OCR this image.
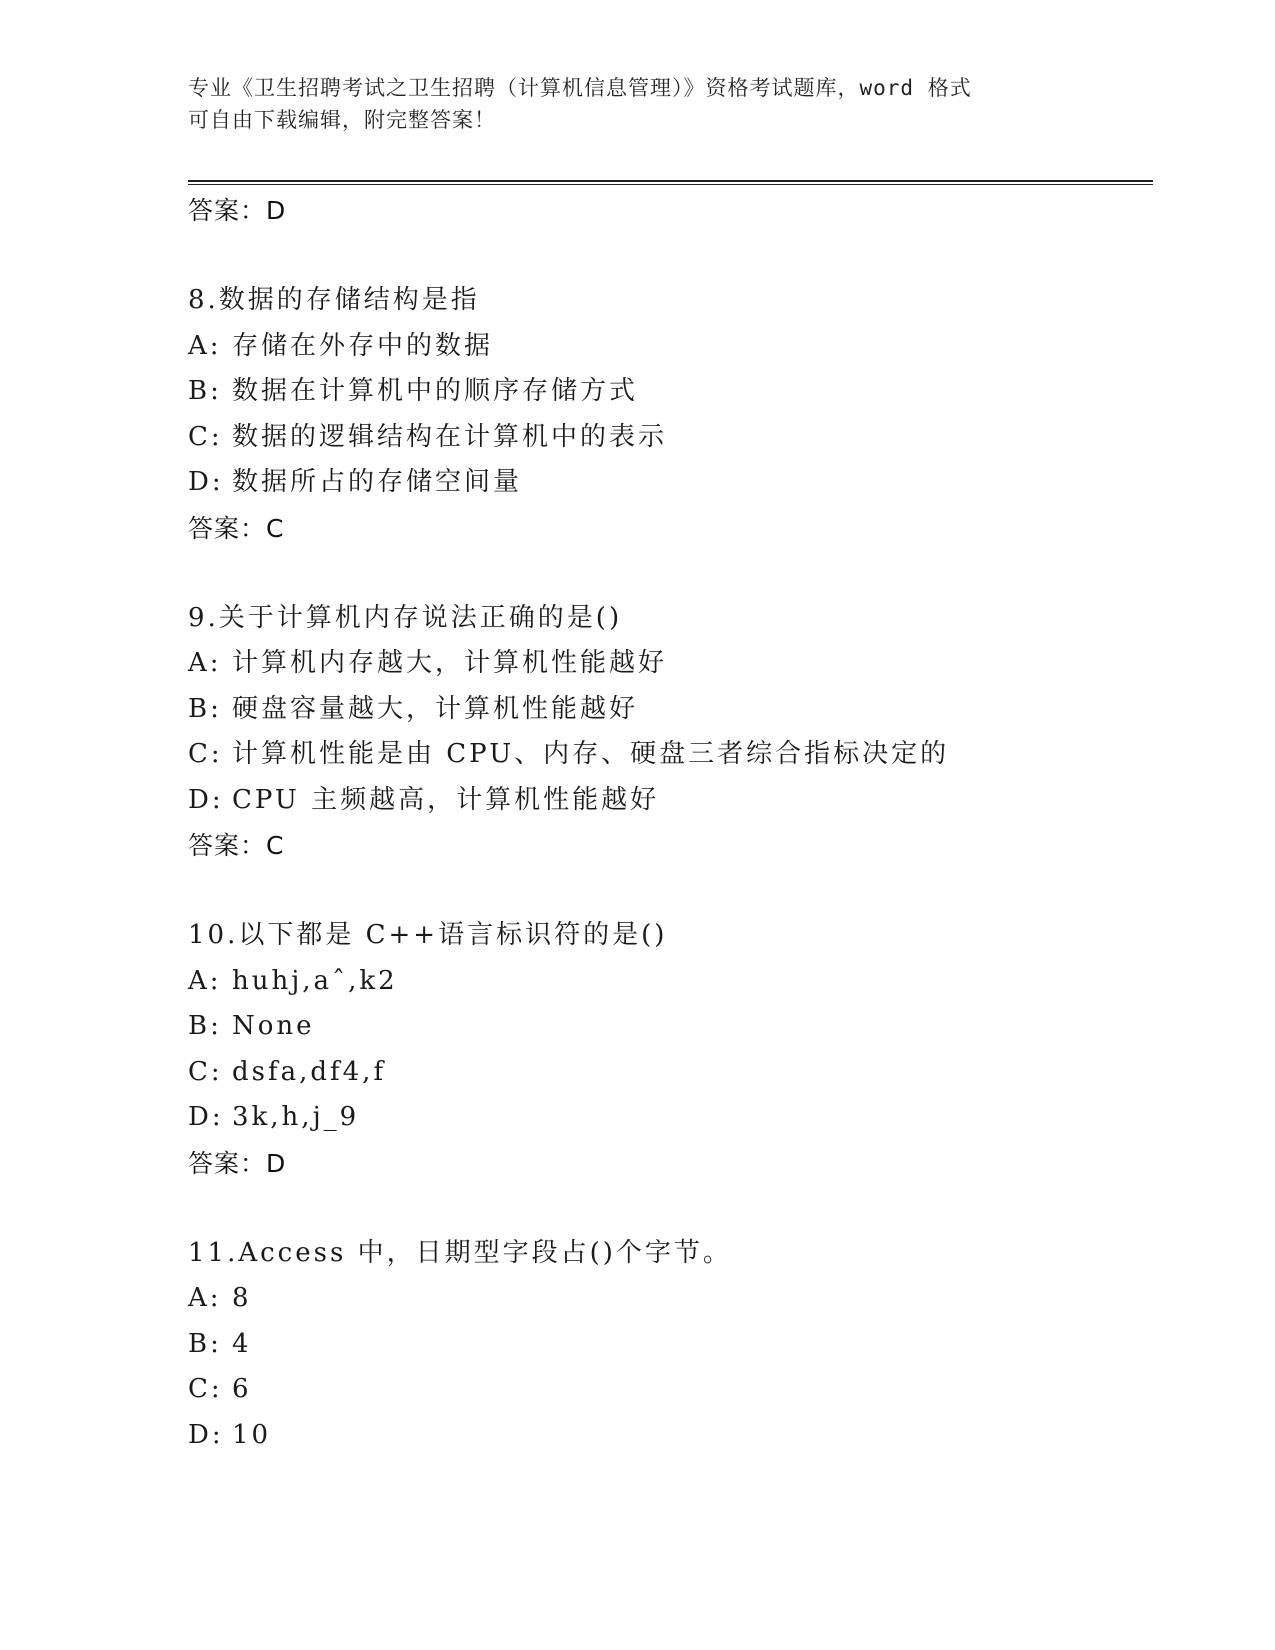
专业《卫生招聘考试之卫生招聘（计算机信息管理）》资格考试题库，word 格式
可自由下载编辑，附完整答案！
答案：D
8.数据的存储结构是指
A: 存储在外存中的数据
B: 数据在计算机中的顺序存储方式
C: 数据的逻辑结构在计算机中的表示
D: 数据所占的存储空间量
答案：C
9.关于计算机内存说法正确的是()
A: 计算机内存越大，计算机性能越好
B: 硬盘容量越大，计算机性能越好
C: 计算机性能是由 CPU、内存、硬盘三者综合指标决定的
D: CPU 主频越高，计算机性能越好
答案：C
10.以下都是 C++语言标识符的是()
A: huhj,aˆ,k2
B: None
C: dsfa,df4,f
D: 3k,h,j_9
答案：D
11.Access 中，日期型字段占()个字节。
A: 8
B: 4
C: 6
D: 10
